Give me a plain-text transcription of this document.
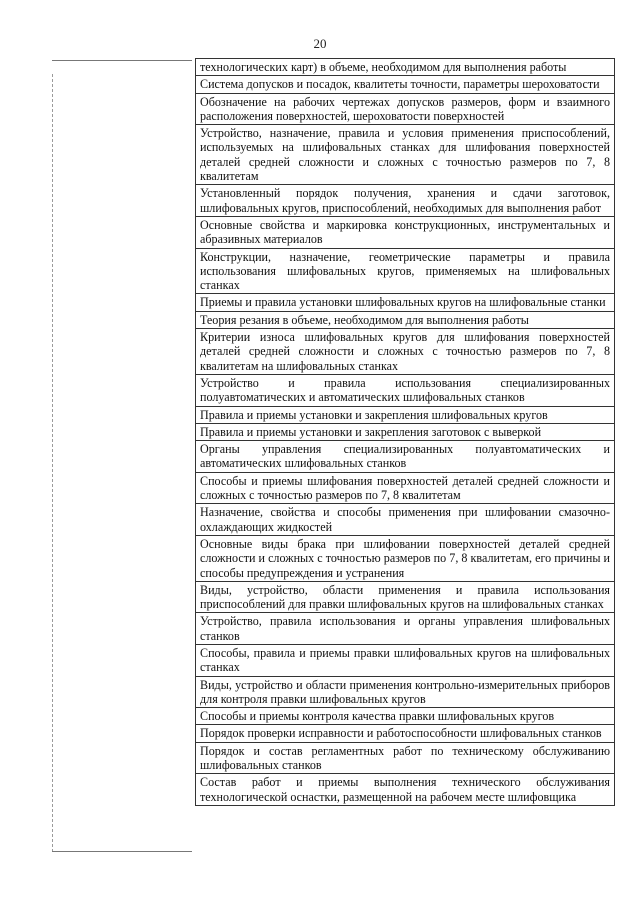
20
технологических карт) в объеме, необходимом для выполнения работы
Система допусков и посадок, квалитеты точности, параметры шероховатости
Обозначение на рабочих чертежах допусков размеров, форм и взаимного расположения поверхностей, шероховатости поверхностей
Устройство, назначение, правила и условия применения приспособлений, используемых на шлифовальных станках для шлифования поверхностей деталей средней сложности и сложных с точностью размеров по 7, 8 квалитетам
Установленный порядок получения, хранения и сдачи заготовок, шлифовальных кругов, приспособлений, необходимых для выполнения работ
Основные свойства и маркировка конструкционных, инструментальных и абразивных материалов
Конструкции, назначение, геометрические параметры и правила использования шлифовальных кругов, применяемых на шлифовальных станках
Приемы и правила установки шлифовальных кругов на шлифовальные станки
Теория резания в объеме, необходимом для выполнения работы
Критерии износа шлифовальных кругов для шлифования поверхностей деталей средней сложности и сложных с точностью размеров по 7, 8 квалитетам на шлифовальных станках
Устройство и правила использования специализированных полуавтоматических и автоматических шлифовальных станков
Правила и приемы установки и закрепления шлифовальных кругов
Правила и приемы установки и закрепления заготовок с выверкой
Органы управления специализированных полуавтоматических и автоматических шлифовальных станков
Способы и приемы шлифования поверхностей деталей средней сложности и сложных с точностью размеров по 7, 8 квалитетам
Назначение, свойства и способы применения при шлифовании смазочно-охлаждающих жидкостей
Основные виды брака при шлифовании поверхностей деталей средней сложности и сложных с точностью размеров по 7, 8 квалитетам, его причины и способы предупреждения и устранения
Виды, устройство, области применения и правила использования приспособлений для правки шлифовальных кругов на шлифовальных станках
Устройство, правила использования и органы управления шлифовальных станков
Способы, правила и приемы правки шлифовальных кругов на шлифовальных станках
Виды, устройство и области применения контрольно-измерительных приборов для контроля правки шлифовальных кругов
Способы и приемы контроля качества правки шлифовальных кругов
Порядок проверки исправности и работоспособности шлифовальных станков
Порядок и состав регламентных работ по техническому обслуживанию шлифовальных станков
Состав работ и приемы выполнения технического обслуживания технологической оснастки, размещенной на рабочем месте шлифовщика
